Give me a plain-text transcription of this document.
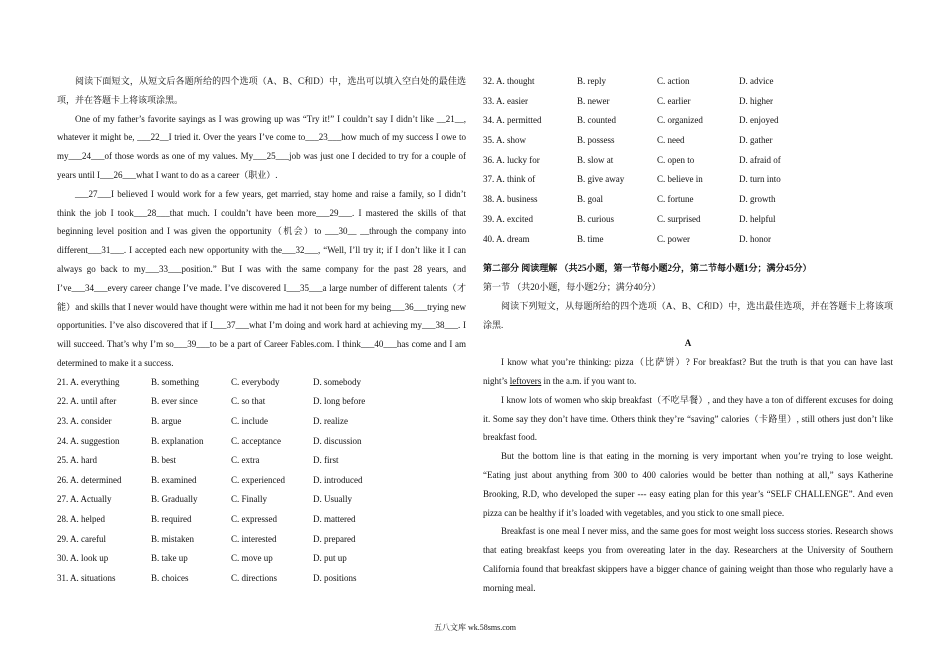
阅读下面短文，从短文后各题所给的四个选项（A、B、C和D）中，选出可以填入空白处的最佳选项，并在答题卡上将该项涂黑。

One of my father’s favorite sayings as I was growing up was “Try it!” I couldn’t say I didn’t like __21__, whatever it might be, ___22__I tried it. Over the years I’ve come to___23___how much of my success I owe to my___24___of those words as one of my values. My___25___job was just one I decided to try for a couple of years until I___26___what I want to do as a career（职业）.

___27___I believed I would work for a few years, get married, stay home and raise a family, so I didn’t think the job I took___28___that much. I couldn’t have been more___29___. I mastered the skills of that beginning level position and I was given the opportunity（机会）to ___30__ __through the company into different___31___. I accepted each new opportunity with the___32___, “Well, I’ll try it; if I don’t like it I can always go back to my___33___position.” But I was with the same company for the past 28 years, and I’ve___34___every career change I’ve made. I’ve discovered I___35___a large number of different talents（才能）and skills that I never would have thought were within me had it not been for my being___36___trying new opportunities. I’ve also discovered that if I___37___what I’m doing and work hard at achieving my___38___. I will succeed. That’s why I’m so___39___to be a part of Career Fables.com. I think___40___has come and I am determined to make it a success.

21. A. everything	B. something	C. everybody	D. somebody
22. A. until after	B. ever since	C. so that	D. long before
23. A. consider	B. argue	C. include	D. realize
24. A. suggestion	B. explanation	C. acceptance	D. discussion
25. A. hard	B. best	C. extra	D. first
26. A. determined	B. examined	C. experienced	D. introduced
27. A. Actually	B. Gradually	C. Finally	D. Usually
28. A. helped	B. required	C. expressed	D. mattered
29. A. careful	B. mistaken	C. interested	D. prepared
30. A. look up	B. take up	C. move up	D. put up
31. A. situations	B. choices	C. directions	D. positions
32. A. thought	B. reply	C. action	D. advice
33. A. easier	B. newer	C. earlier	D. higher
34. A. permitted	B. counted	C. organized	D. enjoyed
35. A. show	B. possess	C. need	D. gather
36. A. lucky for	B. slow at	C. open to	D. afraid of
37. A. think of	B. give away	C. believe in	D. turn into
38. A. business	B. goal	C. fortune	D. growth
39. A. excited	B. curious	C. surprised	D. helpful
40. A. dream	B. time	C. power	D. honor

第二部分 阅读理解 （共25小题，第一节每小题2分，第二节每小题1分；满分45分）

第一节 （共20小题，每小题2分；满分40分）

阅读下列短文，从每题所给的四个选项（A、B、C和D）中，选出最佳选项，并在答题卡上将该项涂黑.

A

I know what you’re thinking: pizza（比萨饼）? For breakfast? But the truth is that you can have last night’s leftovers in the a.m. if you want to.

I know lots of women who skip breakfast（不吃早餐）, and they have a ton of different excuses for doing it. Some say they don’t have time. Others think they’re “saving” calories（卡路里）, still others just don’t like breakfast food.

But the bottom line is that eating in the morning is very important when you’re trying to lose weight. “Eating just about anything from 300 to 400 calories would be better than nothing at all,” says Katherine Brooking, R.D, who developed the super --- easy eating plan for this year’s “SELF CHALLENGE”. And even pizza can be healthy if it’s loaded with vegetables, and you stick to one small piece.

Breakfast is one meal I never miss, and the same goes for most weight loss success stories. Research shows that eating breakfast keeps you from overeating later in the day. Researchers at the University of Southern California found that breakfast skippers have a bigger chance of gaining weight than those who regularly have a morning meal.

五八文库 wk.58sms.com
